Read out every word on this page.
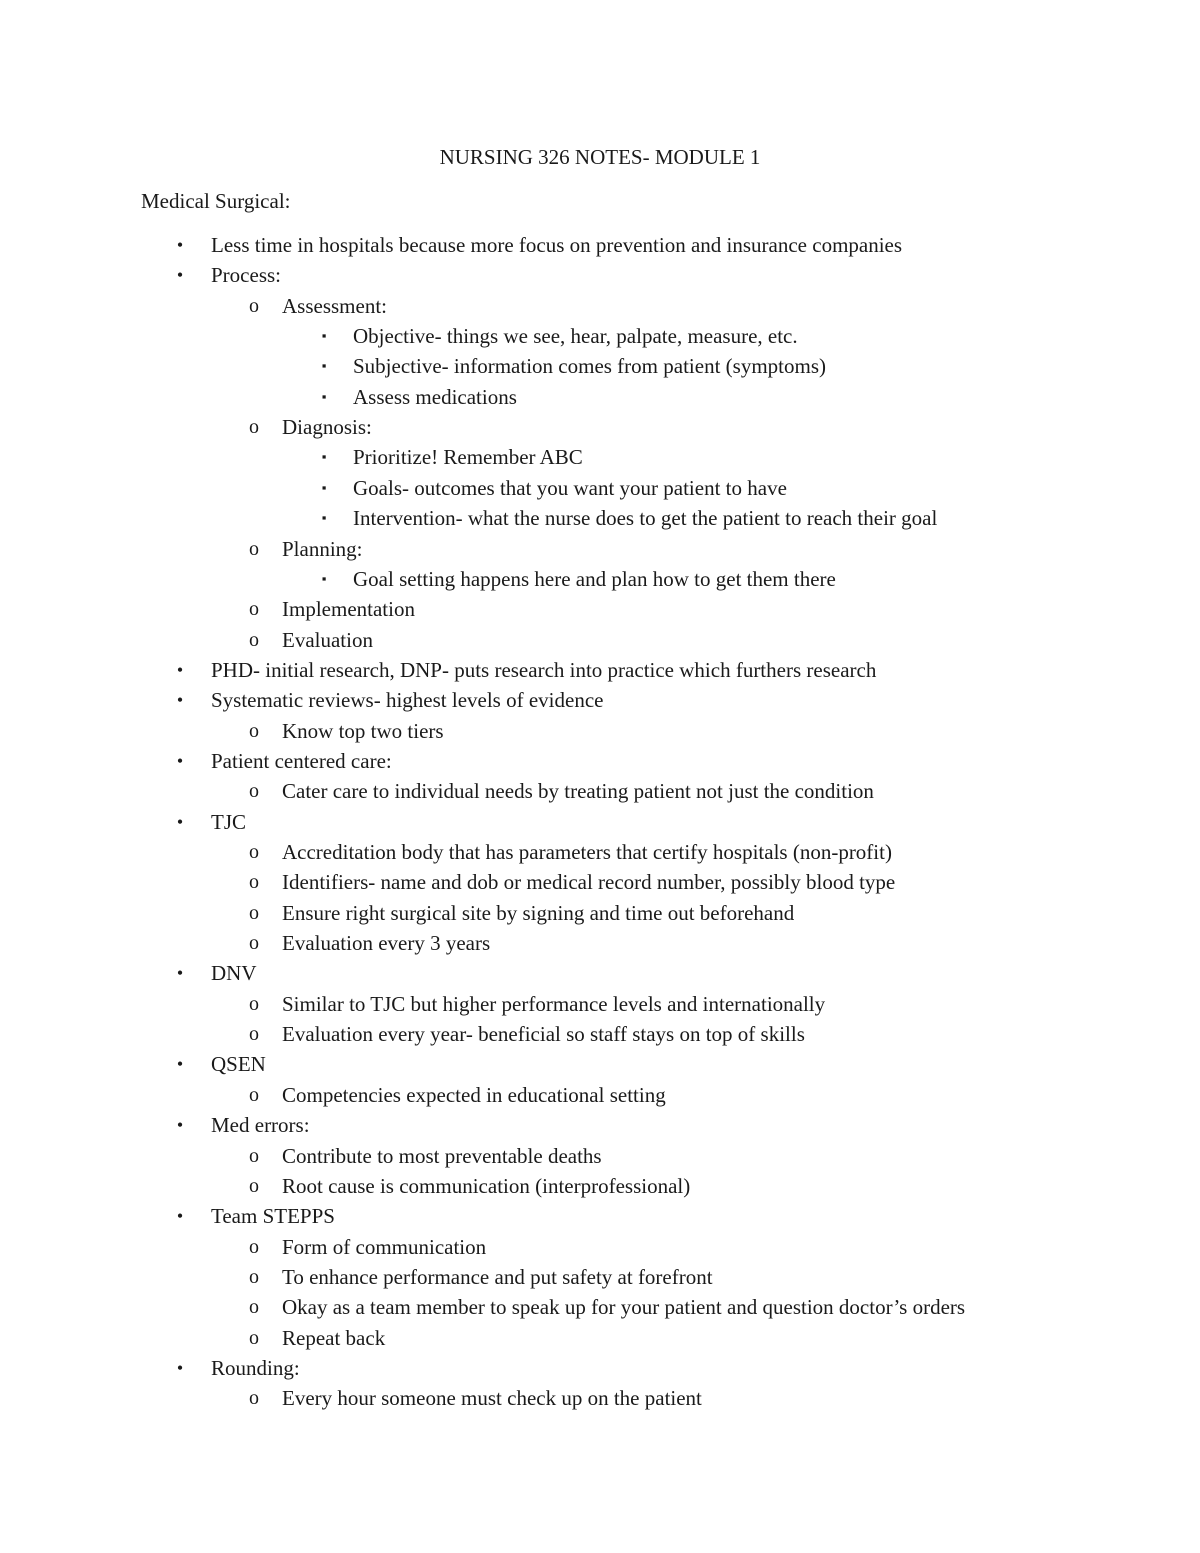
NURSING 326 NOTES- MODULE 1
Medical Surgical:
•	Less time in hospitals because more focus on prevention and insurance companies
•	Process:
o	Assessment:
▪	Objective- things we see, hear, palpate, measure, etc.
▪	Subjective- information comes from patient (symptoms)
▪	Assess medications
o	Diagnosis:
▪	Prioritize! Remember ABC
▪	Goals- outcomes that you want your patient to have
▪	Intervention- what the nurse does to get the patient to reach their goal
o	Planning:
▪	Goal setting happens here and plan how to get them there
o	Implementation
o	Evaluation
•	PHD- initial research, DNP- puts research into practice which furthers research
•	Systematic reviews- highest levels of evidence
o	Know top two tiers
•	Patient centered care:
o	Cater care to individual needs by treating patient not just the condition
•	TJC
o	Accreditation body that has parameters that certify hospitals (non-profit)
o	Identifiers- name and dob or medical record number, possibly blood type
o	Ensure right surgical site by signing and time out beforehand
o	Evaluation every 3 years
•	DNV
o	Similar to TJC but higher performance levels and internationally
o	Evaluation every year- beneficial so staff stays on top of skills
•	QSEN
o	Competencies expected in educational setting
•	Med errors:
o	Contribute to most preventable deaths
o	Root cause is communication (interprofessional)
•	Team STEPPS
o	Form of communication
o	To enhance performance and put safety at forefront
o	Okay as a team member to speak up for your patient and question doctor’s orders
o	Repeat back
•	Rounding:
o	Every hour someone must check up on the patient
